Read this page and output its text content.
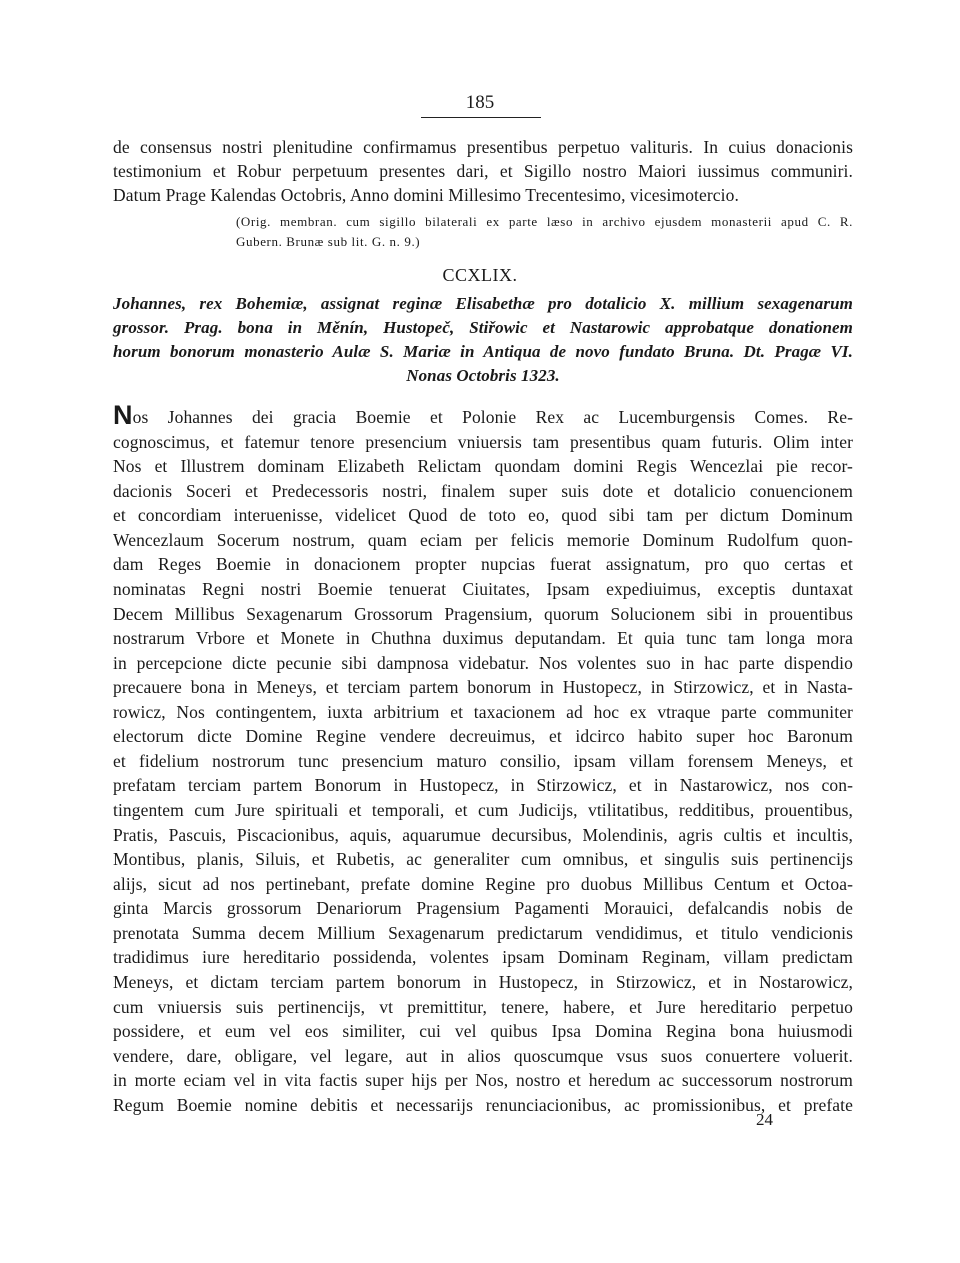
185
de consensus nostri plenitudine confirmamus presentibus perpetuo valituris. In cuius donacionis
testimonium et Robur perpetuum presentes dari, et Sigillo nostro Maiori iussimus communiri.
Datum Prage Kalendas Octobris, Anno domini Millesimo Trecentesimo, vicesimotercio.
(Orig. membran. cum sigillo bilaterali ex parte læso in archivo ejusdem monasterii apud C. R.
Gubern. Brunæ sub lit. G. n. 9.)
CCXLIX.
Johannes, rex Bohemiæ, assignat reginæ Elisabethæ pro dotalicio X. millium sexagenarum
grossor. Prag. bona in Měnín, Hustopeč, Stiřowic et Nastarowic approbatque donationem
horum bonorum monasterio Aulæ S. Mariæ in Antiqua de novo fundato Bruna. Dt. Pragæ VI.
Nonas Octobris 1323.
Nos Johannes dei gracia Boemie et Polonie Rex ac Lucemburgensis Comes. Re-
cognoscimus, et fatemur tenore presencium vniuersis tam presentibus quam futuris. Olim inter
Nos et Illustrem dominam Elizabeth Relictam quondam domini Regis Wencezlai pie recor-
dacionis Soceri et Predecessoris nostri, finalem super suis dote et dotalicio conuencionem
et concordiam interuenisse, videlicet Quod de toto eo, quod sibi tam per dictum Dominum
Wencezlaum Socerum nostrum, quam eciam per felicis memorie Dominum Rudolfum quon-
dam Reges Boemie in donacionem propter nupcias fuerat assignatum, pro quo certas et
nominatas Regni nostri Boemie tenuerat Ciuitates, Ipsam expediuimus, exceptis duntaxat
Decem Millibus Sexagenarum Grossorum Pragensium, quorum Solucionem sibi in prouentibus
nostrarum Vrbore et Monete in Chuthna duximus deputandam. Et quia tunc tam longa mora
in percepcione dicte pecunie sibi dampnosa videbatur. Nos volentes suo in hac parte dispendio
precauere bona in Meneys, et terciam partem bonorum in Hustopecz, in Stirzowicz, et in Nasta-
rowicz, Nos contingentem, iuxta arbitrium et taxacionem ad hoc ex vtraque parte communiter
electorum dicte Domine Regine vendere decreuimus, et idcirco habito super hoc Baronum
et fidelium nostrorum tunc presencium maturo consilio, ipsam villam forensem Meneys, et
prefatam terciam partem Bonorum in Hustopecz, in Stirzowicz, et in Nastarowicz, nos con-
tingentem cum Jure spirituali et temporali, et cum Judicijs, vtilitatibus, redditibus, prouentibus,
Pratis, Pascuis, Piscacionibus, aquis, aquarumue decursibus, Molendinis, agris cultis et incultis,
Montibus, planis, Siluis, et Rubetis, ac generaliter cum omnibus, et singulis suis pertinencijs
alijs, sicut ad nos pertinebant, prefate domine Regine pro duobus Millibus Centum et Octoa-
ginta Marcis grossorum Denariorum Pragensium Pagamenti Morauici, defalcandis nobis de
prenotata Summa decem Millium Sexagenarum predictarum vendidimus, et titulo vendicionis
tradidimus iure hereditario possidenda, volentes ipsam Dominam Reginam, villam predictam
Meneys, et dictam terciam partem bonorum in Hustopecz, in Stirzowicz, et in Nostarowicz,
cum vniuersis suis pertinencijs, vt premittitur, tenere, habere, et Jure hereditario perpetuo
possidere, et eum vel eos similiter, cui vel quibus Ipsa Domina Regina bona huiusmodi
vendere, dare, obligare, vel legare, aut in alios quoscumque vsus suos conuertere voluerit.
in morte eciam vel in vita factis super hijs per Nos, nostro et heredum ac successorum nostrorum
Regum Boemie nomine debitis et necessarijs renunciacionibus, ac promissionibus, et prefate
24
